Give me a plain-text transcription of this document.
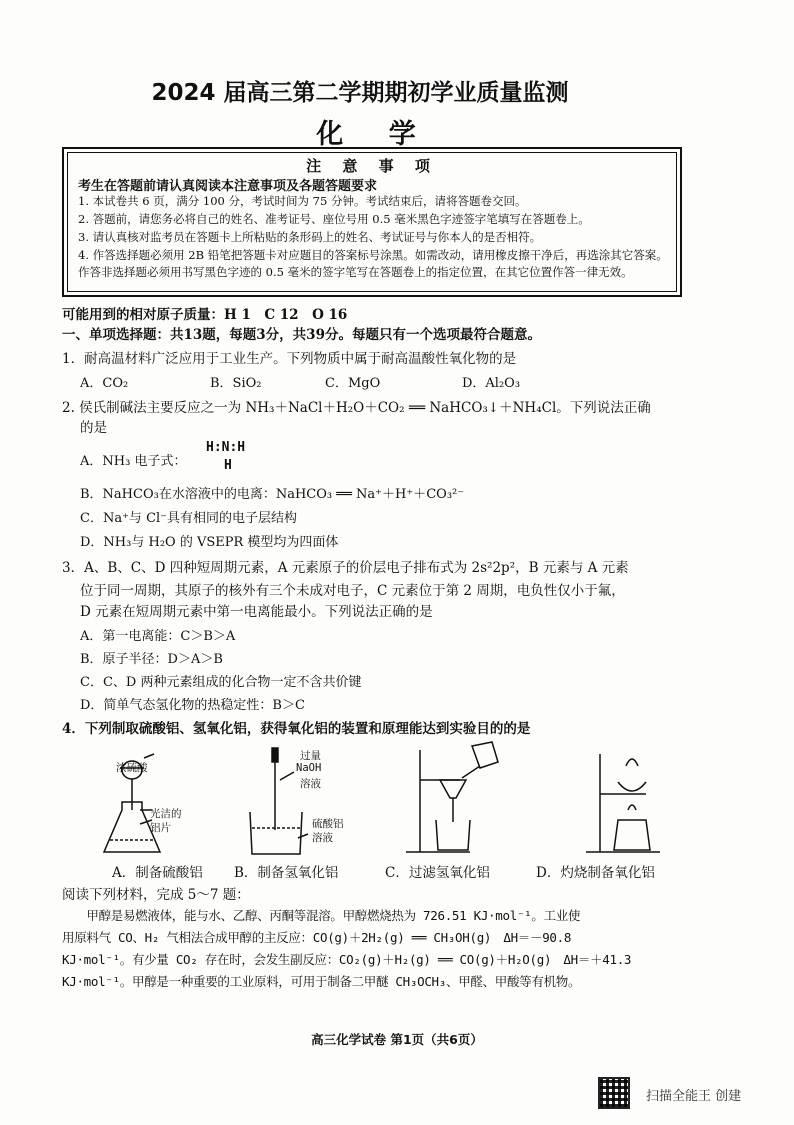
2024 届高三第二学期期初学业质量监测
化 学
注 意 事 项
考生在答题前请认真阅读本注意事项及各题答题要求
1. 本试卷共 6 页，满分 100 分，考试时间为 75 分钟。考试结束后，请将答题卷交回。
2. 答题前，请您务必将自己的姓名、准考证号、座位号用 0.5 毫米黑色字迹签字笔填写在答题卷上。
3. 请认真核对监考员在答题卡上所粘贴的条形码上的姓名、考试证号与你本人的是否相符。
4. 作答选择题必须用 2B 铅笔把答题卡对应题目的答案标号涂黑。如需改动，请用橡皮擦干净后，再选涂其它答案。作答非选择题必须用书写黑色字迹的 0.5 毫米的签字笔写在答题卷上的指定位置，在其它位置作答一律无效。
可能用到的相对原子质量：H 1　C 12　O 16
一、单项选择题：共13题，每题3分，共39分。每题只有一个选项最符合题意。
1．耐高温材料广泛应用于工业生产。下列物质中属于耐高温酸性氧化物的是
A．CO₂	B．SiO₂	C．MgO	D．Al₂O₃
2. 侯氏制碱法主要反应之一为 NH₃＋NaCl＋H₂O＋CO₂ ══ NaHCO₃↓＋NH₄Cl。下列说法正确
的是
A．NH₃ 电子式：
H:N:H
H
B．NaHCO₃在水溶液中的电离：NaHCO₃ ══ Na⁺＋H⁺＋CO₃²⁻
C．Na⁺与 Cl⁻具有相同的电子层结构
D．NH₃与 H₂O 的 VSEPR 模型均为四面体
3．A、B、C、D 四种短周期元素，A 元素原子的价层电子排布式为 2s²2p²，B 元素与 A 元素
位于同一周期，其原子的核外有三个未成对电子，C 元素位于第 2 周期，电负性仅小于氟，
D 元素在短周期元素中第一电离能最小。下列说法正确的是
A．第一电离能：C＞B＞A
B．原子半径：D＞A＞B
C．C、D 两种元素组成的化合物一定不含共价键
D．简单气态氢化物的热稳定性：B＞C
4．下列制取硫酸铝、氢氧化铝，获得氧化铝的装置和原理能达到实验目的的是
浓硫酸
光洁的
铝片
过量
NaOH
溶液
硫酸铝
溶液
A．制备硫酸铝 B．制备氢氧化铝	C．过滤氢氧化铝	D．灼烧制备氧化铝
阅读下列材料，完成 5～7 题：
　　甲醇是易燃液体，能与水、乙醇、丙酮等混溶。甲醇燃烧热为 726.51 KJ·mol⁻¹。工业使
用原料气 CO、H₂ 气相法合成甲醇的主反应：CO(g)＋2H₂(g) ══ CH₃OH(g)　ΔH＝－90.8
KJ·mol⁻¹。有少量 CO₂ 存在时，会发生副反应：CO₂(g)＋H₂(g) ══ CO(g)＋H₂O(g)　ΔH＝＋41.3
KJ·mol⁻¹。甲醇是一种重要的工业原料，可用于制备二甲醚 CH₃OCH₃、甲醛、甲酸等有机物。
高三化学试卷 第1页（共6页）
扫描全能王 创建
